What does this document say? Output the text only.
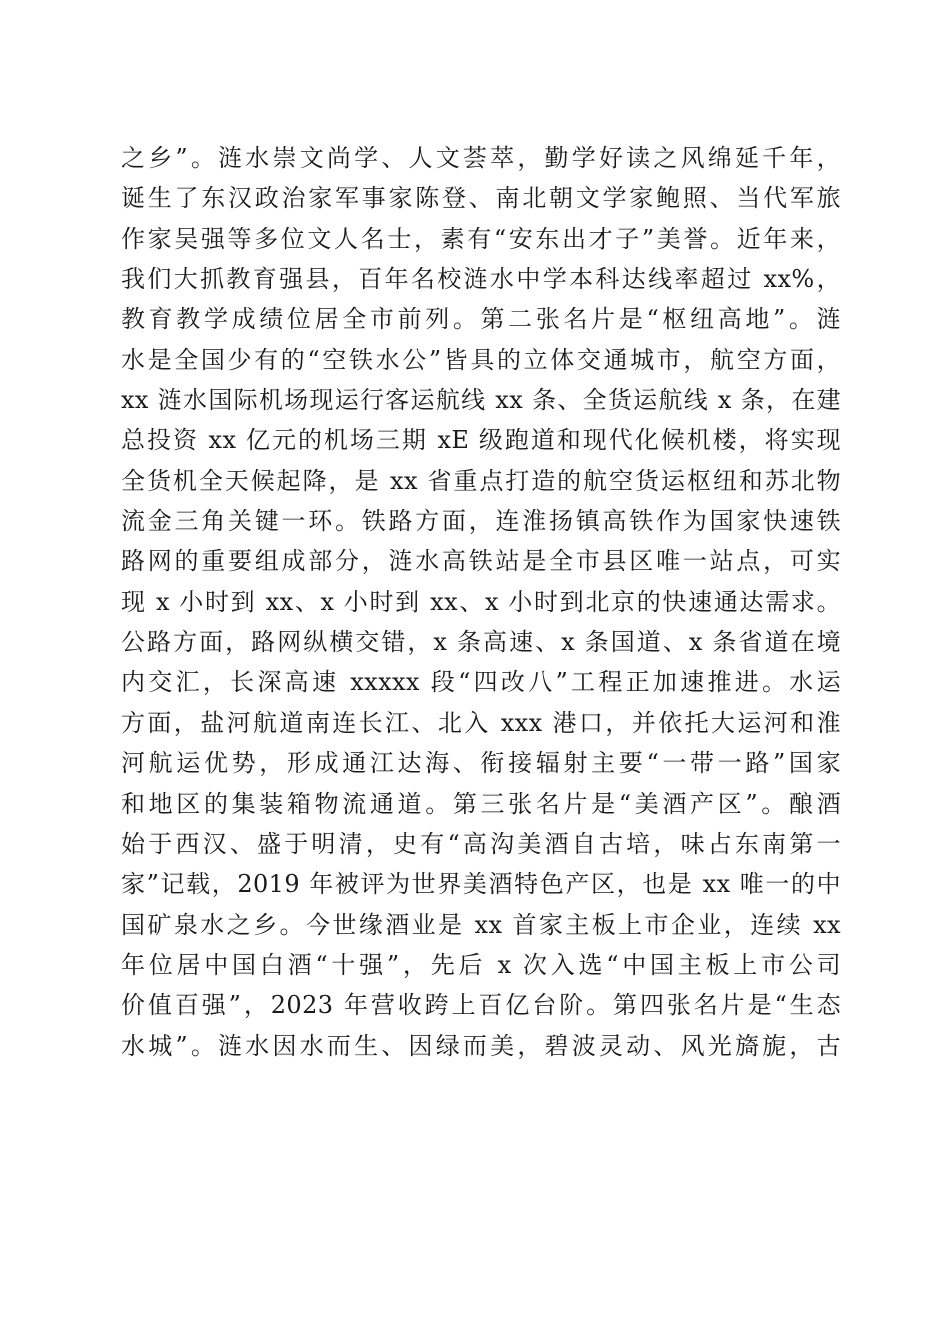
之乡”。涟水崇文尚学、人文荟萃，勤学好读之风绵延千年，
诞生了东汉政治家军事家陈登、南北朝文学家鲍照、当代军旅
作家吴强等多位文人名士，素有“安东出才子”美誉。近年来，
我们大抓教育强县，百年名校涟水中学本科达线率超过 xx%，
教育教学成绩位居全市前列。第二张名片是“枢纽高地”。涟
水是全国少有的“空铁水公”皆具的立体交通城市，航空方面，
xx 涟水国际机场现运行客运航线 xx 条、全货运航线 x 条，在建
总投资 xx 亿元的机场三期 xE 级跑道和现代化候机楼，将实现
全货机全天候起降，是 xx 省重点打造的航空货运枢纽和苏北物
流金三角关键一环。铁路方面，连淮扬镇高铁作为国家快速铁
路网的重要组成部分，涟水高铁站是全市县区唯一站点，可实
现 x 小时到 xx、x 小时到 xx、x 小时到北京的快速通达需求。
公路方面，路网纵横交错，x 条高速、x 条国道、x 条省道在境
内交汇，长深高速 xxxxx 段“四改八”工程正加速推进。水运
方面，盐河航道南连长江、北入 xxx 港口，并依托大运河和淮
河航运优势，形成通江达海、衔接辐射主要“一带一路”国家
和地区的集装箱物流通道。第三张名片是“美酒产区”。酿酒
始于西汉、盛于明清，史有“高沟美酒自古培，味占东南第一
家”记载，2019 年被评为世界美酒特色产区，也是 xx 唯一的中
国矿泉水之乡。今世缘酒业是 xx 首家主板上市企业，连续 xx
年位居中国白酒“十强”，先后 x 次入选“中国主板上市公司
价值百强”，2023 年营收跨上百亿台阶。第四张名片是“生态
水城”。涟水因水而生、因绿而美，碧波灵动、风光旖旎，古
